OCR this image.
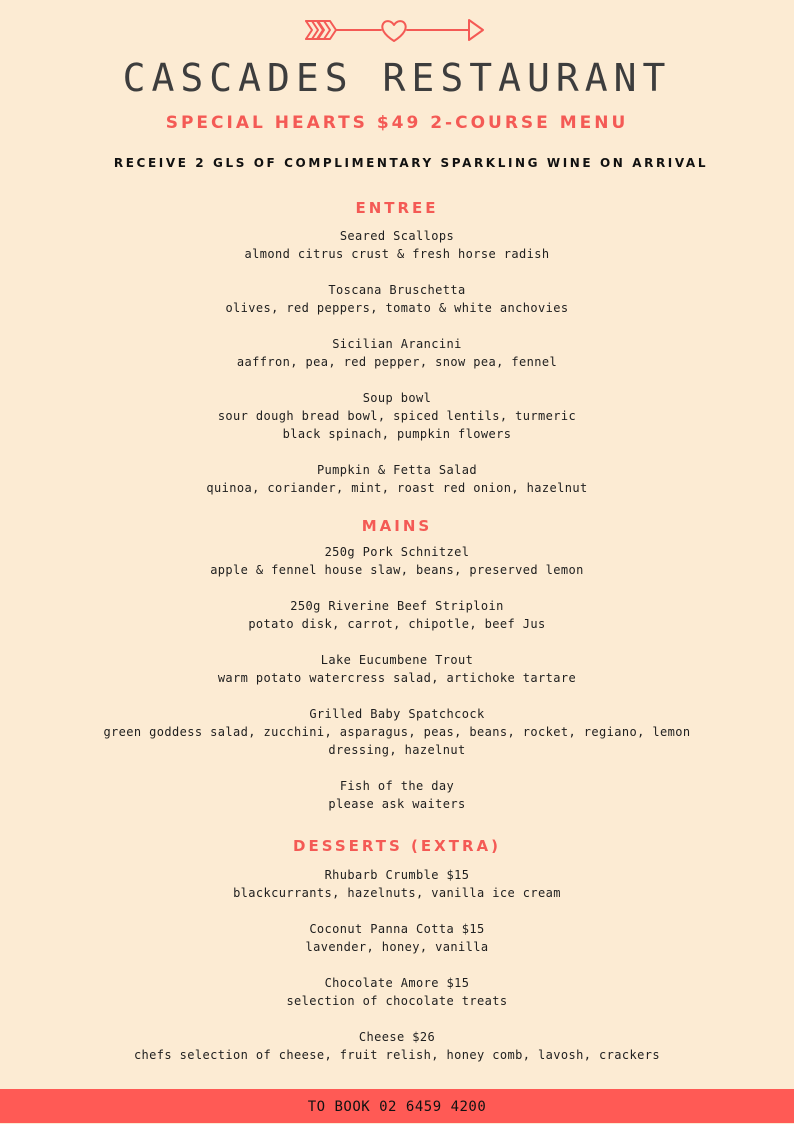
CASCADES RESTAURANT
SPECIAL HEARTS $49 2-COURSE MENU
RECEIVE 2 GLS OF COMPLIMENTARY SPARKLING WINE ON ARRIVAL
ENTREE
Seared Scallops
almond citrus crust & fresh horse radish
Toscana Bruschetta
olives, red peppers, tomato & white anchovies
Sicilian Arancini
aaffron, pea, red pepper, snow pea, fennel
Soup bowl
sour dough bread bowl, spiced lentils, turmeric
black spinach, pumpkin flowers
Pumpkin & Fetta Salad
quinoa, coriander, mint, roast red onion, hazelnut
MAINS
250g Pork Schnitzel
apple & fennel house slaw, beans, preserved lemon
250g Riverine Beef Striploin
potato disk, carrot, chipotle, beef Jus
Lake Eucumbene Trout
warm potato watercress salad, artichoke tartare
Grilled Baby Spatchcock
green goddess salad, zucchini, asparagus, peas, beans, rocket, regiano, lemon
dressing, hazelnut
Fish of the day
please ask waiters
DESSERTS (EXTRA)
Rhubarb Crumble $15
blackcurrants, hazelnuts, vanilla ice cream
Coconut Panna Cotta $15
lavender, honey, vanilla
Chocolate Amore $15
selection of chocolate treats
Cheese $26
chefs selection of cheese, fruit relish, honey comb, lavosh, crackers
TO BOOK 02 6459 4200
